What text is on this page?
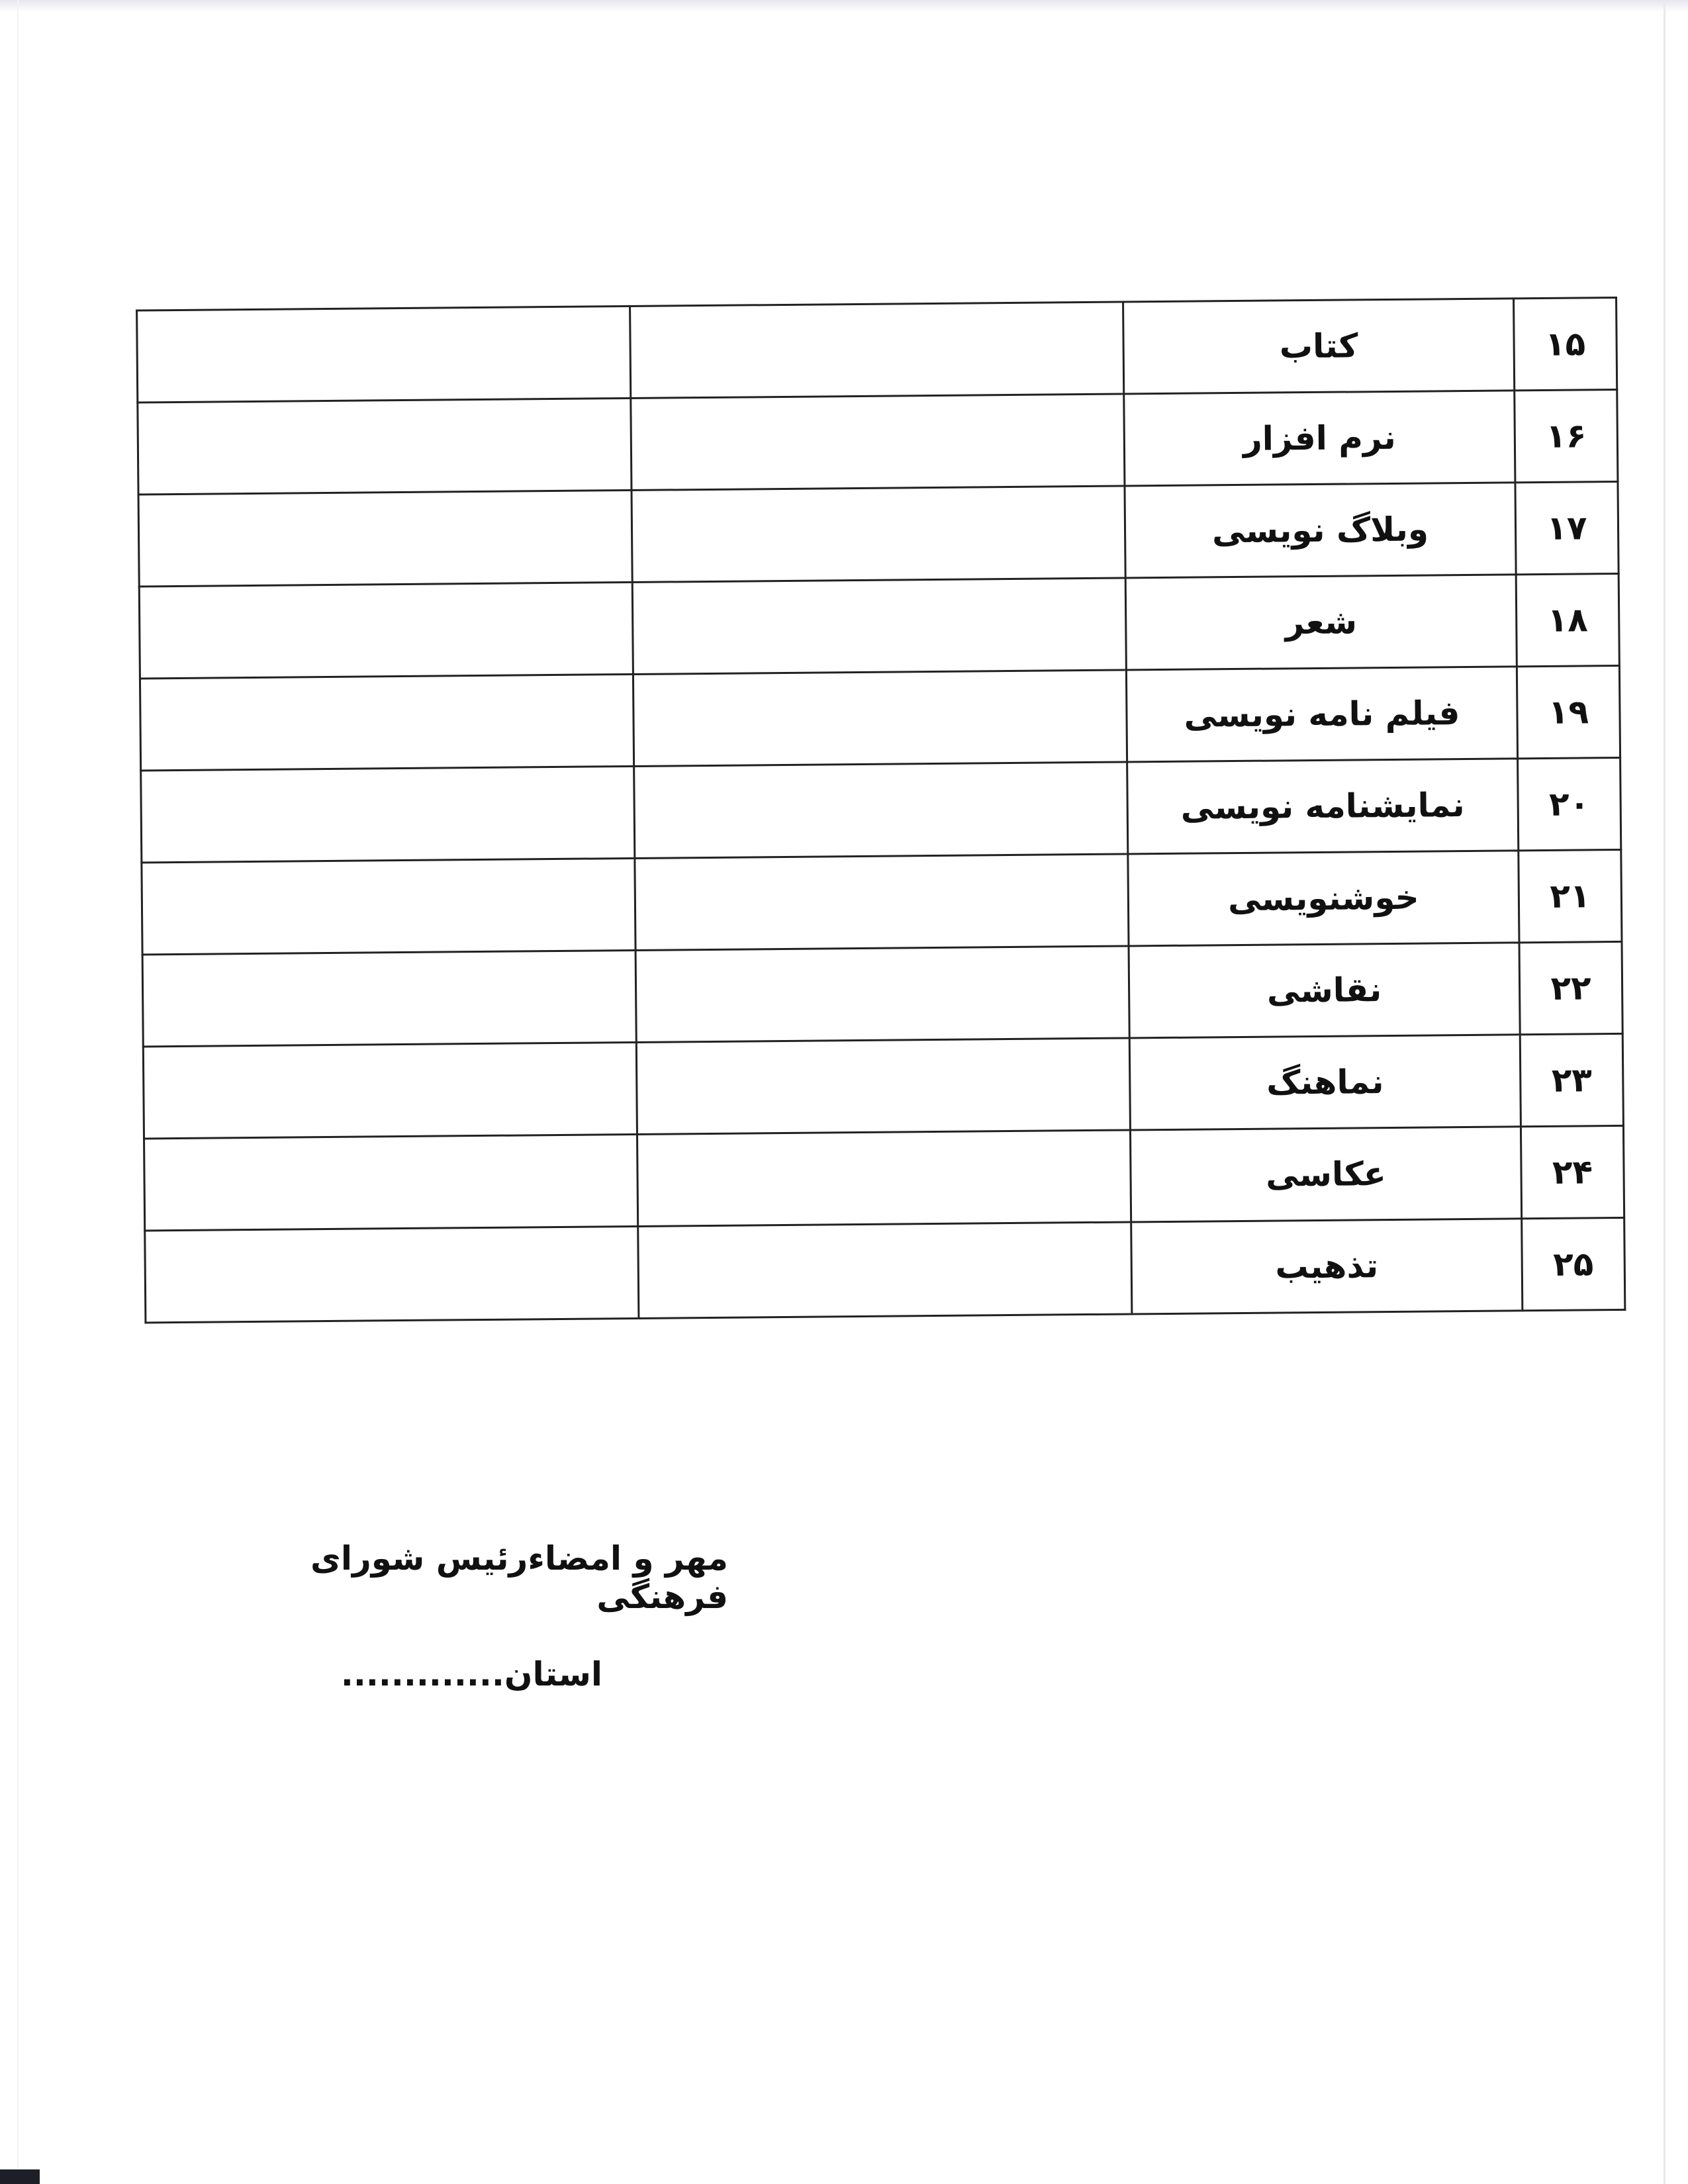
۱۵	کتاب		
۱۶	نرم افزار		
۱۷	وبلاگ نویسی		
۱۸	شعر		
۱۹	فیلم نامه نویسی		
۲۰	نمایشنامه نویسی		
۲۱	خوشنویسی		
۲۲	نقاشی		
۲۳	نماهنگ		
۲۴	عکاسی		
۲۵	تذهیب		
مهر و امضاءرئیس شورای فرهنگی
استان.............
